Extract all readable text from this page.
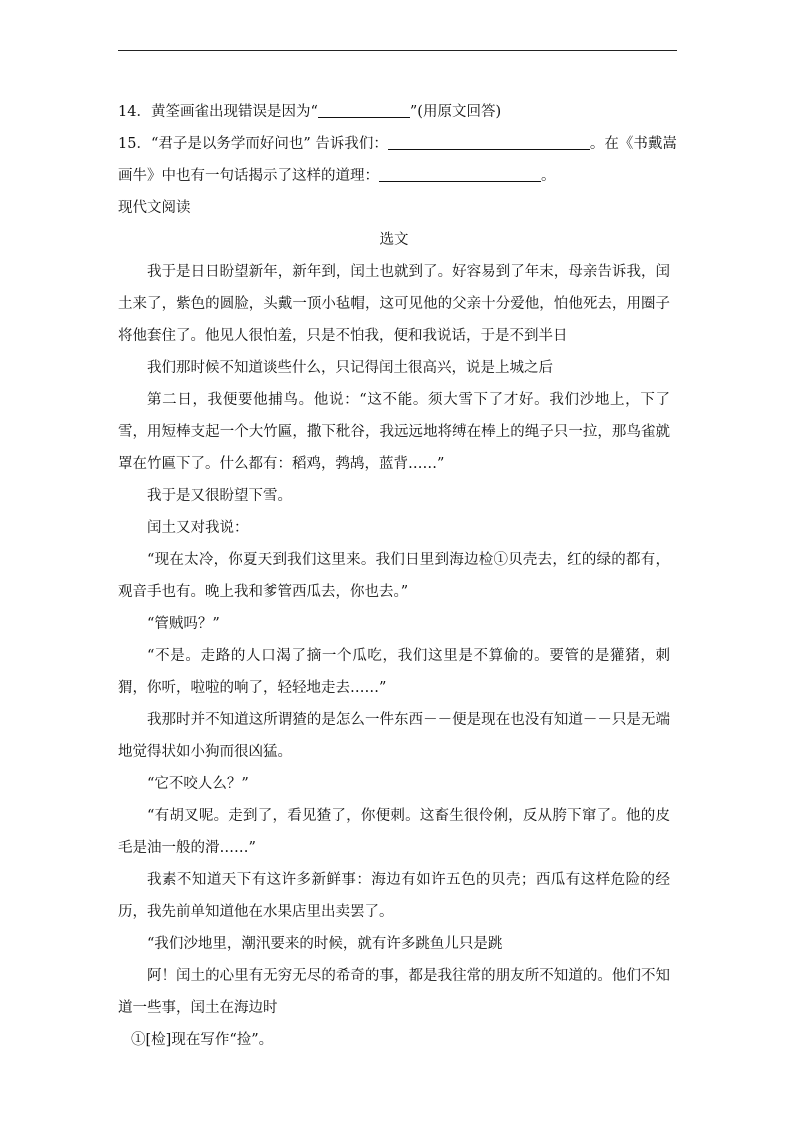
14．黄筌画雀出现错误是因为“	”(用原文回答)
15．“君子是以务学而好问也” 告诉我们：	。在《书戴嵩
画牛》中也有一句话揭示了这样的道理：	。

现代文阅读

选文

我于是日日盼望新年，新年到，闰土也就到了。好容易到了年末，母亲告诉我，闰土来了，紫色的圆脸，头戴一顶小毡帽，这可见他的父亲十分爱他，怕他死去，用圈子将他套住了。他见人很怕羞，只是不怕我，便和我说话，于是不到半日

我们那时候不知道谈些什么，只记得闰土很高兴，说是上城之后

第二日，我便要他捕鸟。他说：“这不能。须大雪下了才好。我们沙地上，下了雪，用短棒支起一个大竹匾，撒下秕谷，我远远地将缚在棒上的绳子只一拉，那鸟雀就罩在竹匾下了。什么都有：稻鸡，鹁鸪，蓝背……”

我于是又很盼望下雪。

闰土又对我说：

“现在太冷，你夏天到我们这里来。我们日里到海边检①贝壳去，红的绿的都有，观音手也有。晚上我和爹管西瓜去，你也去。”

“管贼吗？”

“不是。走路的人口渴了摘一个瓜吃，我们这里是不算偷的。要管的是獾猪，刺猬，你听，啦啦的响了，轻轻地走去……”

我那时并不知道这所谓猹的是怎么一件东西－－便是现在也没有知道－－只是无端地觉得状如小狗而很凶猛。

“它不咬人么？”

“有胡叉呢。走到了，看见猹了，你便刺。这畜生很伶俐，反从胯下窜了。他的皮毛是油一般的滑……”

我素不知道天下有这许多新鲜事：海边有如许五色的贝壳；西瓜有这样危险的经历，我先前单知道他在水果店里出卖罢了。

“我们沙地里，潮汛要来的时候，就有许多跳鱼儿只是跳

阿！闰土的心里有无穷无尽的希奇的事，都是我往常的朋友所不知道的。他们不知道一些事，闰土在海边时

①[检]现在写作“捡”。
